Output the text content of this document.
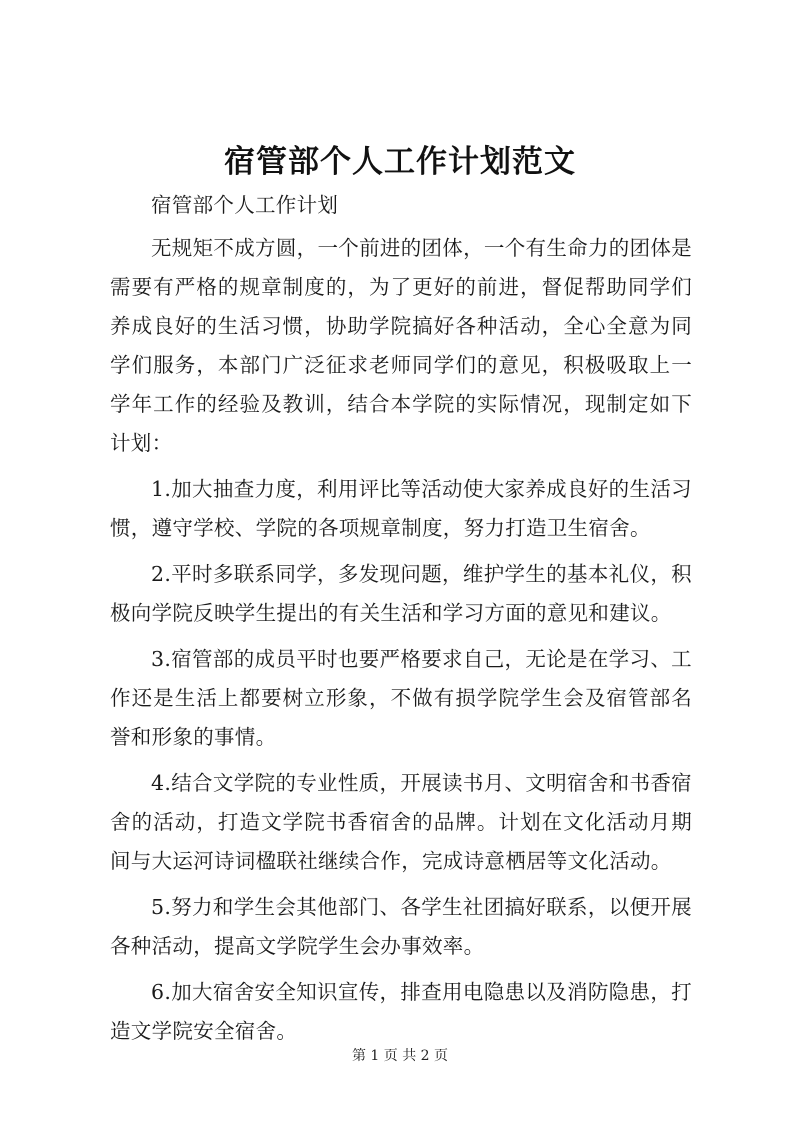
宿管部个人工作计划范文

宿管部个人工作计划

无规矩不成方圆，一个前进的团体，一个有生命力的团体是需要有严格的规章制度的，为了更好的前进，督促帮助同学们养成良好的生活习惯，协助学院搞好各种活动，全心全意为同学们服务，本部门广泛征求老师同学们的意见，积极吸取上一学年工作的经验及教训，结合本学院的实际情况，现制定如下计划：

1.加大抽查力度，利用评比等活动使大家养成良好的生活习惯，遵守学校、学院的各项规章制度，努力打造卫生宿舍。

2.平时多联系同学，多发现问题，维护学生的基本礼仪，积极向学院反映学生提出的有关生活和学习方面的意见和建议。

3.宿管部的成员平时也要严格要求自己，无论是在学习、工作还是生活上都要树立形象，不做有损学院学生会及宿管部名誉和形象的事情。

4.结合文学院的专业性质，开展读书月、文明宿舍和书香宿舍的活动，打造文学院书香宿舍的品牌。计划在文化活动月期间与大运河诗词楹联社继续合作，完成诗意栖居等文化活动。

5.努力和学生会其他部门、各学生社团搞好联系，以便开展各种活动，提高文学院学生会办事效率。

6.加大宿舍安全知识宣传，排查用电隐患以及消防隐患，打造文学院安全宿舍。

第 1 页 共 2 页
